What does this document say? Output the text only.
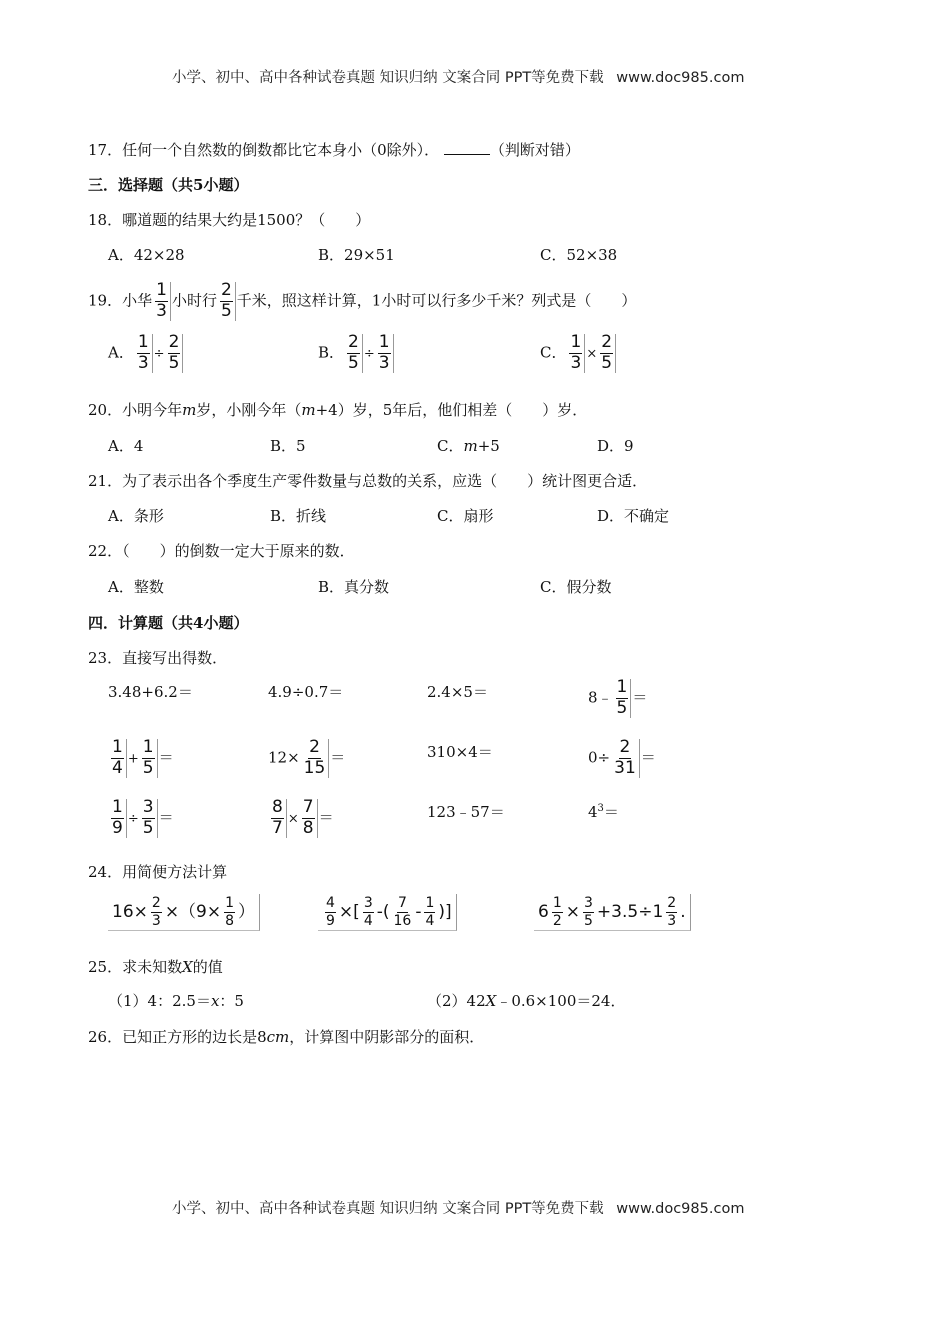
小学、初中、高中各种试卷真题 知识归纳 文案合同 PPT等免费下载 www.doc985.com
17．任何一个自然数的倒数都比它本身小（0除外）．	（判断对错）
三．选择题（共5小题）
18．哪道题的结果大约是1500？（　　）
A．42×28	B．29×51	C．52×38
19．小华 $\frac{1}{3}$ 小时行 $\frac{2}{5}$ 千米，照这样计算，1小时可以行多少千米？列式是（　　）
A． $\frac{1}{3} \div \frac{2}{5}$	B． $\frac{2}{5} \div \frac{1}{3}$	C． $\frac{1}{3} \times \frac{2}{5}$
20．小明今年m岁，小刚今年（m+4）岁，5年后，他们相差（　　）岁．
A．4	B．5	C．m+5	D．9
21．为了表示出各个季度生产零件数量与总数的关系，应选（　　）统计图更合适．
A．条形	B．折线	C．扇形	D．不确定
22．（　　）的倒数一定大于原来的数．
A．整数	B．真分数	C．假分数
四．计算题（共4小题）
23．直接写出得数．
3.48+6.2＝	4.9÷0.7＝	2.4×5＝	8﹣ $\frac{1}{5}$ ＝
$\frac{1}{4} + \frac{1}{5}$ ＝	$12\times \frac{2}{15}$ ＝	310×4＝	$0\div \frac{2}{31}$ ＝
$\frac{1}{9} \div \frac{3}{5}$ ＝	$\frac{8}{7} \times \frac{7}{8}$ ＝	123﹣57＝	$4^3=$
24．用简便方法计算
$16\times \frac{2}{3} \times(9\times \frac{1}{8}$ ）	$\frac{4}{9}$ ×[ $\frac{3}{4}$ -( $\frac{7}{16} - \frac{1}{4}$ )]	$6 \frac{1}{2} \times \frac{3}{5} +3.5\div 1 \frac{2}{3}$ .
25．求未知数X的值
（1）4：2.5＝x：5	（2）42X﹣0.6×100＝24．
26．已知正方形的边长是8cm，计算图中阴影部分的面积．
小学、初中、高中各种试卷真题 知识归纳 文案合同 PPT等免费下载 www.doc985.com
